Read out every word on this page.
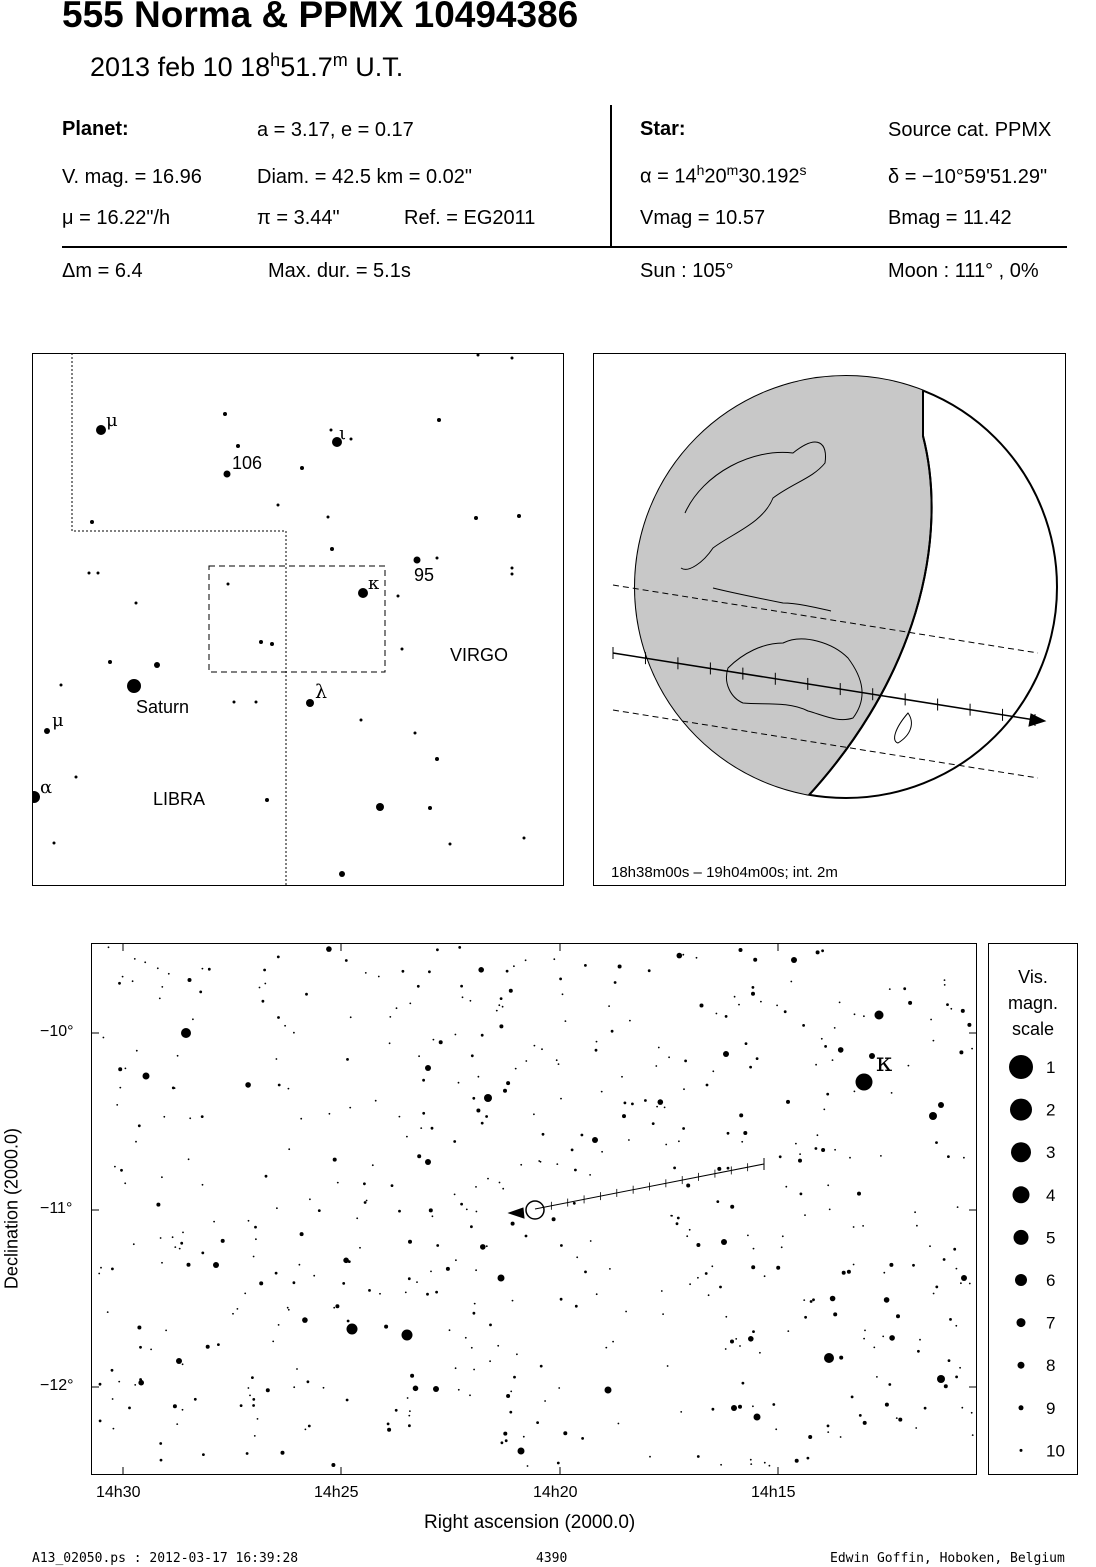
555 Norma & PPMX 10494386
2013 feb 10 18$^h$51.7$^m$ U.T.
Planet:	a = 3.17, e = 0.17
V. mag. = 16.96	Diam. = 42.5 km = 0.02"
μ = 16.22"/h	π = 3.44"	Ref. = EG2011
Star:	Source cat. PPMX
$\alpha = 14^h20^m30.192^s$	δ = −10°59'51.29"
Vmag = 10.57	Bmag = 11.42
Δm = 6.4	Max. dur. = 5.1s	Sun : 105°	Moon : 111° , 0%
μ
ι
106
95
κ
VIRGO
λ
Saturn
μ
α
LIBRA
18h38m00s – 19h04m00s; int. 2m
κ
14h30	14h25	14h20	14h15
Right ascension (2000.0)
−10°
−11°
−12°
Declination (2000.0)
Vis.
magn.
scale
1
2
3
4
5
6
7
8
9
10
A13_02050.ps : 2012-03-17 16:39:28	4390	Edwin Goffin, Hoboken, Belgium
